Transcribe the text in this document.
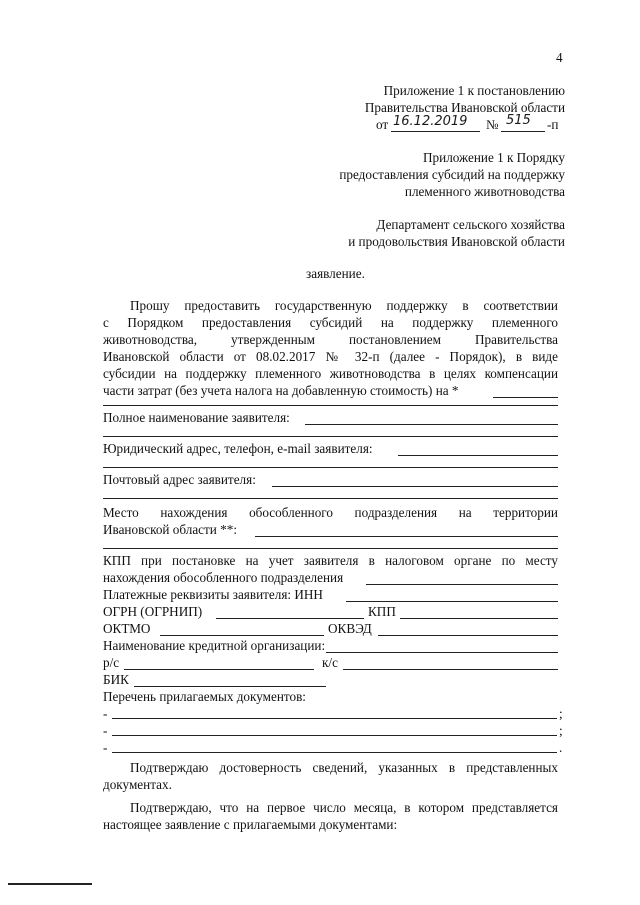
4
Приложение 1 к постановлению
Правительства Ивановской области
от 16.12.2019 № 515 -п
Приложение 1 к Порядку
предоставления субсидий на поддержку
племенного животноводства
Департамент сельского хозяйства
и продовольствия Ивановской области
заявление.
Прошу предоставить государственную поддержку в соответствии
с Порядком предоставления субсидий на поддержку племенного
животноводства, утвержденным постановлением Правительства
Ивановской области от 08.02.2017 № 32-п (далее - Порядок), в виде
субсидии на поддержку племенного животноводства в целях компенсации
части затрат (без учета налога на добавленную стоимость) на *
Полное наименование заявителя:
Юридический адрес, телефон, e-mail заявителя:
Почтовый адрес заявителя:
Место нахождения обособленного подразделения на территории
Ивановской области **:
КПП при постановке на учет заявителя в налоговом органе по месту
нахождения обособленного подразделения
Платежные реквизиты заявителя: ИНН
ОГРН (ОГРНИП)	КПП
ОКТМО	ОКВЭД
Наименование кредитной организации:
р/с	к/с
БИК
Перечень прилагаемых документов:
-	;
-	;
-	.
Подтверждаю достоверность сведений, указанных в представленных
документах.
Подтверждаю, что на первое число месяца, в котором представляется
настоящее заявление с прилагаемыми документами:
